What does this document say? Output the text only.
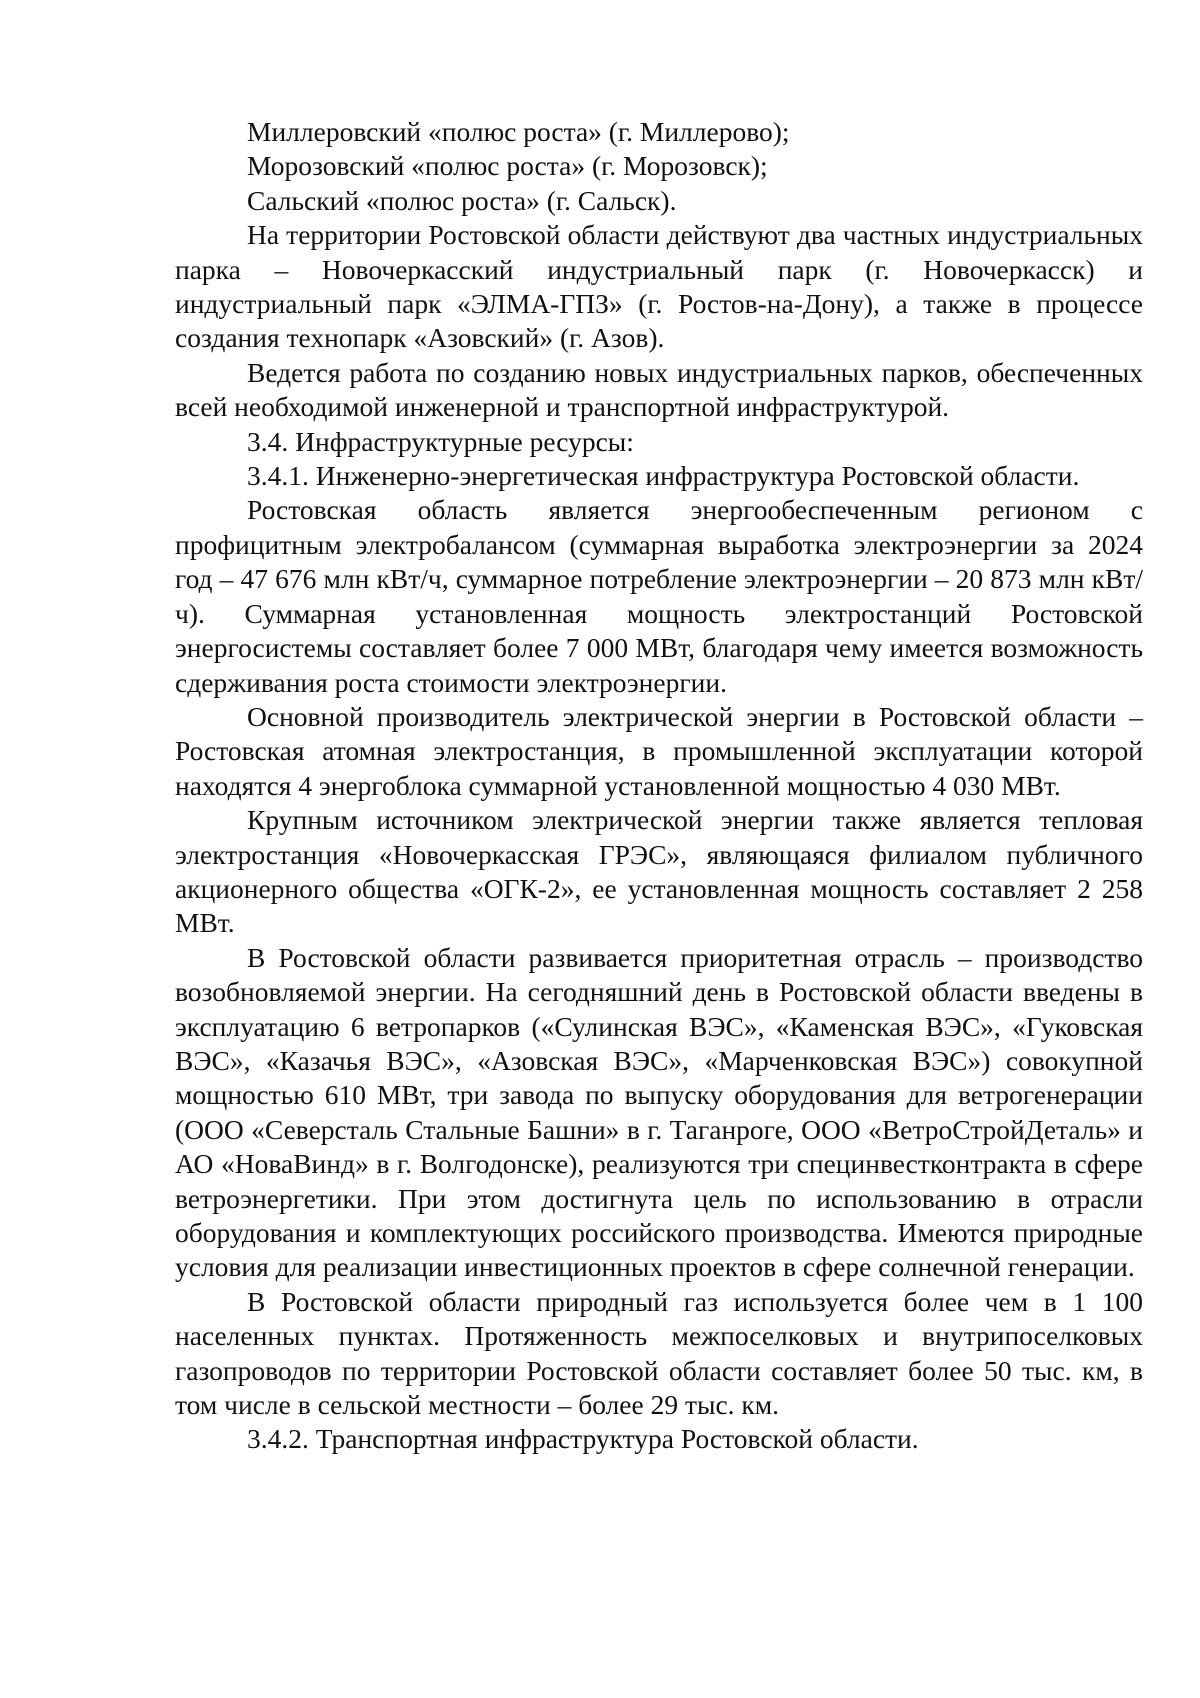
Миллеровский «полюс роста» (г. Миллерово);

Морозовский «полюс роста» (г. Морозовск);

Сальский «полюс роста» (г. Сальск).

На территории Ростовской области действуют два частных индустриальных парка – Новочеркасский индустриальный парк (г. Новочеркасск) и индустриальный парк «ЭЛМА-ГПЗ» (г. Ростов-на-Дону), а также в процессе создания технопарк «Азовский» (г. Азов).

Ведется работа по созданию новых индустриальных парков, обеспеченных всей необходимой инженерной и транспортной инфраструктурой.

3.4. Инфраструктурные ресурсы:

3.4.1. Инженерно-энергетическая инфраструктура Ростовской области.

Ростовская область является энергообеспеченным регионом с профицитным электробалансом (суммарная выработка электроэнергии за 2024 год – 47 676 млн кВт/ч, суммарное потребление электроэнергии – 20 873 млн кВт/ч). Суммарная установленная мощность электростанций Ростовской энергосистемы составляет более 7 000 МВт, благодаря чему имеется возможность сдерживания роста стоимости электроэнергии.

Основной производитель электрической энергии в Ростовской области – Ростовская атомная электростанция, в промышленной эксплуатации которой находятся 4 энергоблока суммарной установленной мощностью 4 030 МВт.

Крупным источником электрической энергии также является тепловая электростанция «Новочеркасская ГРЭС», являющаяся филиалом публичного акционерного общества «ОГК-2», ее установленная мощность составляет 2 258 МВт.

В Ростовской области развивается приоритетная отрасль – производство возобновляемой энергии. На сегодняшний день в Ростовской области введены в эксплуатацию 6 ветропарков («Сулинская ВЭС», «Каменская ВЭС», «Гуковская ВЭС», «Казачья ВЭС», «Азовская ВЭС», «Марченковская ВЭС») совокупной мощностью 610 МВт, три завода по выпуску оборудования для ветрогенерации (ООО «Северсталь Стальные Башни» в г. Таганроге, ООО «ВетроСтройДеталь» и АО «НоваВинд» в г. Волгодонске), реализуются три специнвестконтракта в сфере ветроэнергетики. При этом достигнута цель по использованию в отрасли оборудования и комплектующих российского производства. Имеются природные условия для реализации инвестиционных проектов в сфере солнечной генерации.

В Ростовской области природный газ используется более чем в 1 100 населенных пунктах. Протяженность межпоселковых и внутрипоселковых газопроводов по территории Ростовской области составляет более 50 тыс. км, в том числе в сельской местности – более 29 тыс. км.

3.4.2. Транспортная инфраструктура Ростовской области.
